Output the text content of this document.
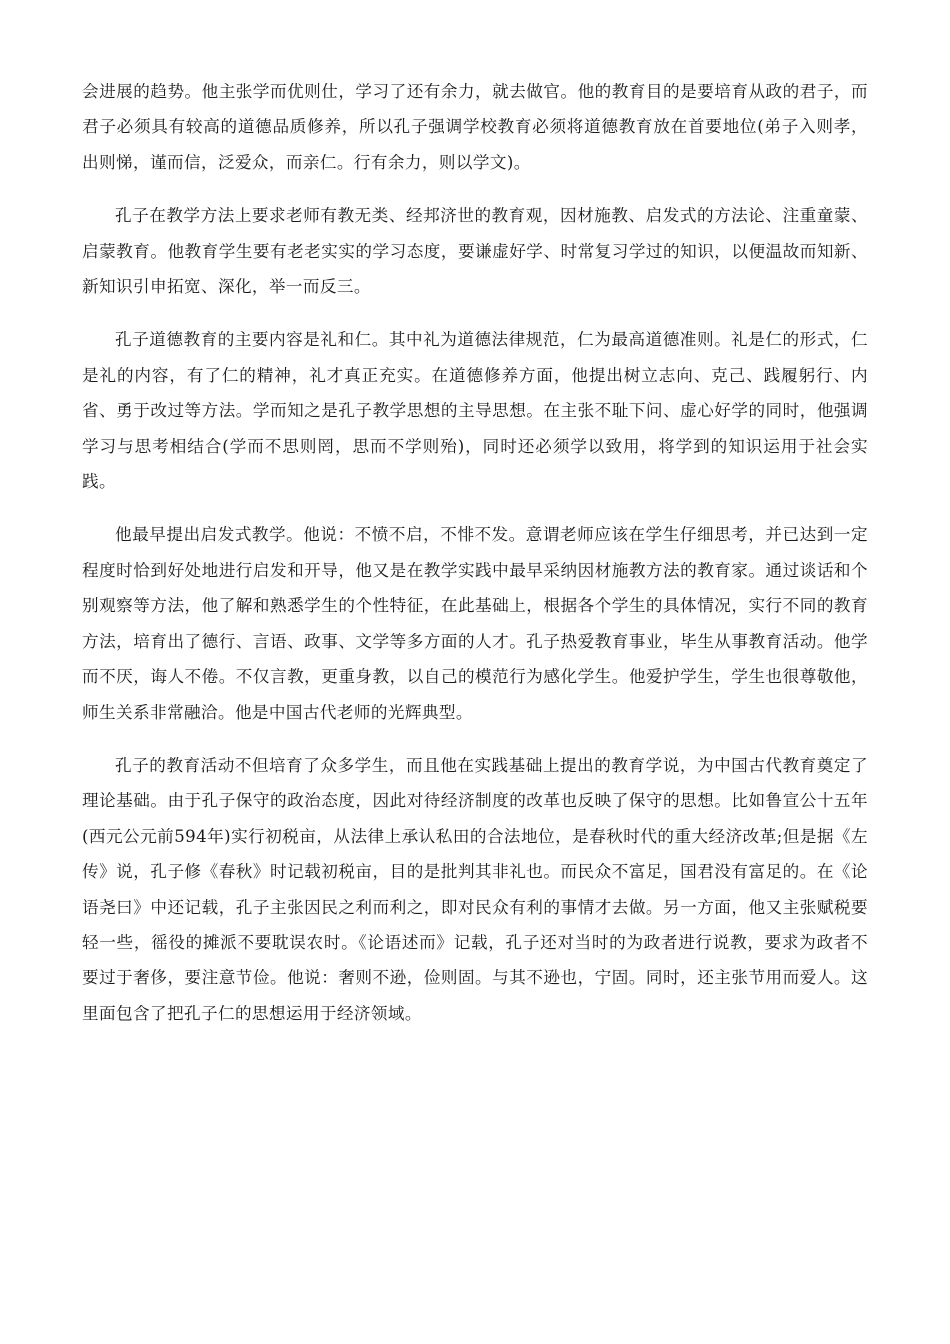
会进展的趋势。他主张学而优则仕，学习了还有余力，就去做官。他的教育目的是要培育从政的君子，而君子必须具有较高的道德品质修养，所以孔子强调学校教育必须将道德教育放在首要地位(弟子入则孝，出则悌，谨而信，泛爱众，而亲仁。行有余力，则以学文)。

孔子在教学方法上要求老师有教无类、经邦济世的教育观，因材施教、启发式的方法论、注重童蒙、启蒙教育。他教育学生要有老老实实的学习态度，要谦虚好学、时常复习学过的知识，以便温故而知新、新知识引申拓宽、深化，举一而反三。

孔子道德教育的主要内容是礼和仁。其中礼为道德法律规范，仁为最高道德准则。礼是仁的形式，仁是礼的内容，有了仁的精神，礼才真正充实。在道德修养方面，他提出树立志向、克己、践履躬行、内省、勇于改过等方法。学而知之是孔子教学思想的主导思想。在主张不耻下问、虚心好学的同时，他强调学习与思考相结合(学而不思则罔，思而不学则殆)，同时还必须学以致用，将学到的知识运用于社会实践。

他最早提出启发式教学。他说：不愤不启，不悱不发。意谓老师应该在学生仔细思考，并已达到一定程度时恰到好处地进行启发和开导，他又是在教学实践中最早采纳因材施教方法的教育家。通过谈话和个别观察等方法，他了解和熟悉学生的个性特征，在此基础上，根据各个学生的具体情况，实行不同的教育方法，培育出了德行、言语、政事、文学等多方面的人才。孔子热爱教育事业，毕生从事教育活动。他学而不厌，诲人不倦。不仅言教，更重身教，以自己的模范行为感化学生。他爱护学生，学生也很尊敬他，师生关系非常融洽。他是中国古代老师的光辉典型。

孔子的教育活动不但培育了众多学生，而且他在实践基础上提出的教育学说，为中国古代教育奠定了理论基础。由于孔子保守的政治态度，因此对待经济制度的改革也反映了保守的思想。比如鲁宣公十五年(西元公元前594年)实行初税亩，从法律上承认私田的合法地位，是春秋时代的重大经济改革;但是据《左传》说，孔子修《春秋》时记载初税亩，目的是批判其非礼也。而民众不富足，国君没有富足的。在《论语尧曰》中还记载，孔子主张因民之利而利之，即对民众有利的事情才去做。另一方面，他又主张赋税要轻一些，徭役的摊派不要耽误农时。《论语述而》记载，孔子还对当时的为政者进行说教，要求为政者不要过于奢侈，要注意节俭。他说：奢则不逊，俭则固。与其不逊也，宁固。同时，还主张节用而爱人。这里面包含了把孔子仁的思想运用于经济领域。
